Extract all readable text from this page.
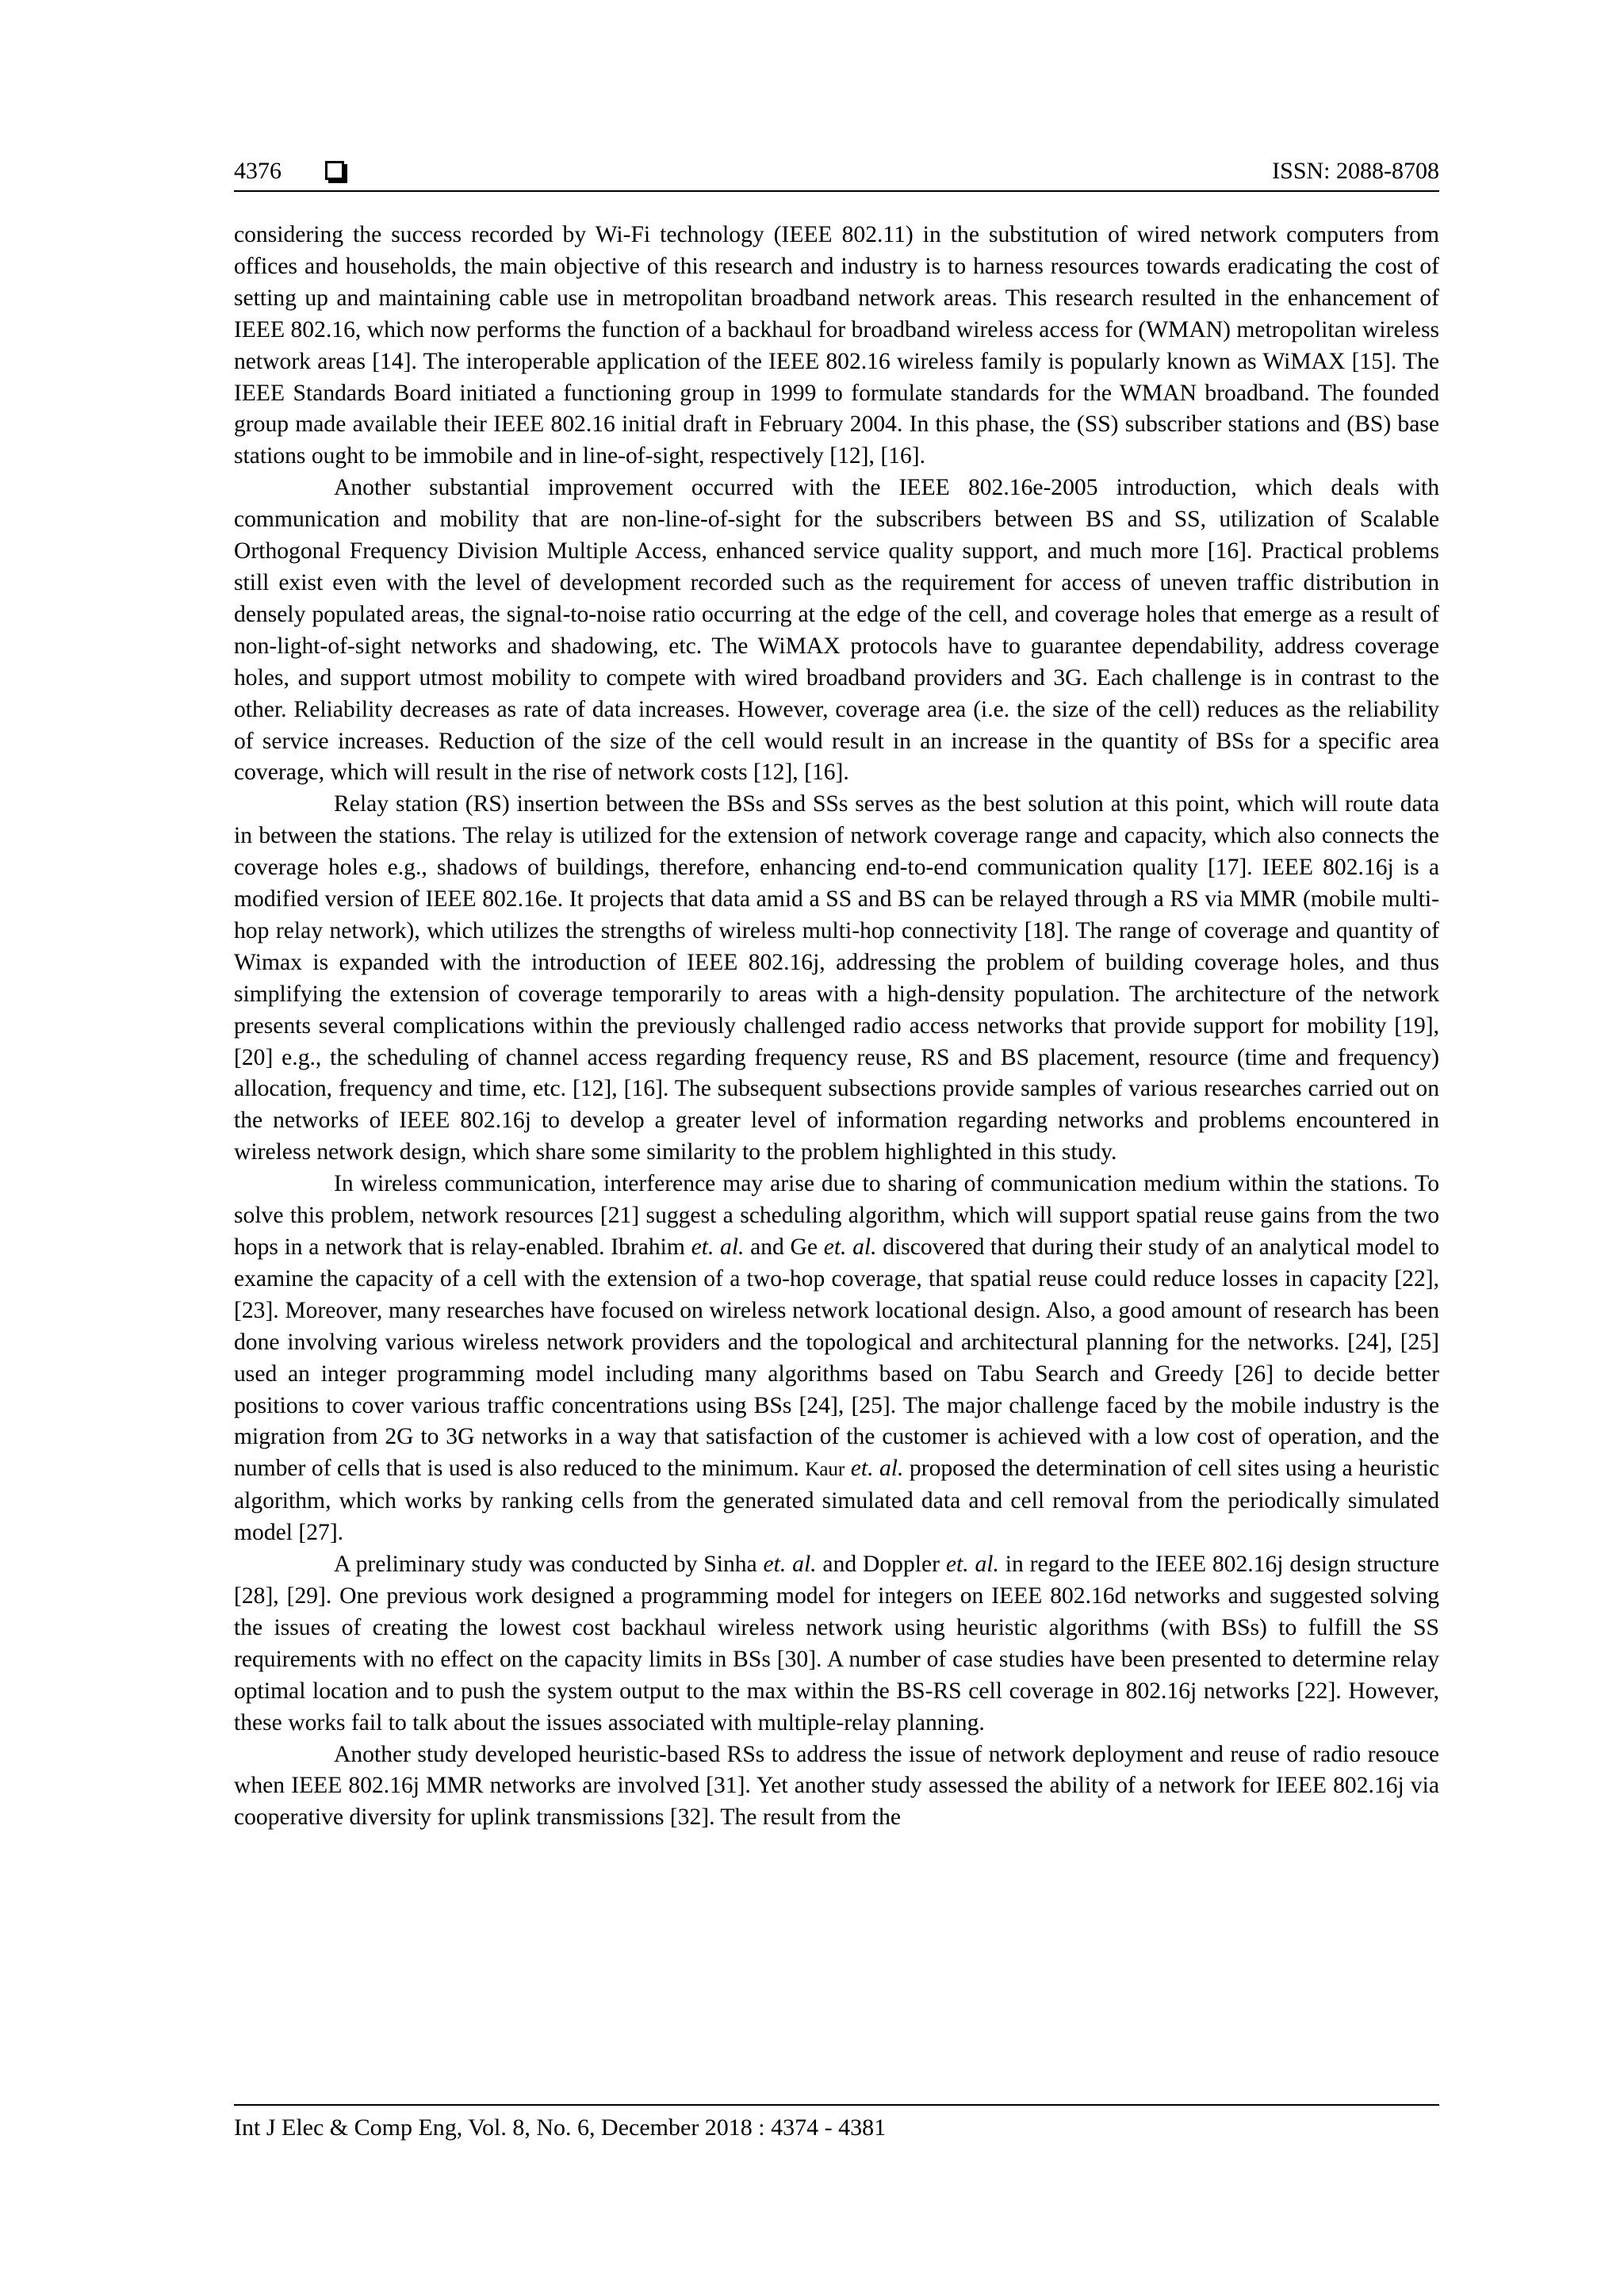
4376	ISSN: 2088-8708

considering the success recorded by Wi-Fi technology (IEEE 802.11) in the substitution of wired network computers from offices and households, the main objective of this research and industry is to harness resources towards eradicating the cost of setting up and maintaining cable use in metropolitan broadband network areas. This research resulted in the enhancement of IEEE 802.16, which now performs the function of a backhaul for broadband wireless access for (WMAN) metropolitan wireless network areas [14]. The interoperable application of the IEEE 802.16 wireless family is popularly known as WiMAX [15]. The IEEE Standards Board initiated a functioning group in 1999 to formulate standards for the WMAN broadband. The founded group made available their IEEE 802.16 initial draft in February 2004. In this phase, the (SS) subscriber stations and (BS) base stations ought to be immobile and in line-of-sight, respectively [12], [16].

Another substantial improvement occurred with the IEEE 802.16e-2005 introduction, which deals with communication and mobility that are non-line-of-sight for the subscribers between BS and SS, utilization of Scalable Orthogonal Frequency Division Multiple Access, enhanced service quality support, and much more [16]. Practical problems still exist even with the level of development recorded such as the requirement for access of uneven traffic distribution in densely populated areas, the signal-to-noise ratio occurring at the edge of the cell, and coverage holes that emerge as a result of non-light-of-sight networks and shadowing, etc. The WiMAX protocols have to guarantee dependability, address coverage holes, and support utmost mobility to compete with wired broadband providers and 3G. Each challenge is in contrast to the other. Reliability decreases as rate of data increases. However, coverage area (i.e. the size of the cell) reduces as the reliability of service increases. Reduction of the size of the cell would result in an increase in the quantity of BSs for a specific area coverage, which will result in the rise of network costs [12], [16].

Relay station (RS) insertion between the BSs and SSs serves as the best solution at this point, which will route data in between the stations. The relay is utilized for the extension of network coverage range and capacity, which also connects the coverage holes e.g., shadows of buildings, therefore, enhancing end-to-end communication quality [17]. IEEE 802.16j is a modified version of IEEE 802.16e. It projects that data amid a SS and BS can be relayed through a RS via MMR (mobile multi-hop relay network), which utilizes the strengths of wireless multi-hop connectivity [18]. The range of coverage and quantity of Wimax is expanded with the introduction of IEEE 802.16j, addressing the problem of building coverage holes, and thus simplifying the extension of coverage temporarily to areas with a high-density population. The architecture of the network presents several complications within the previously challenged radio access networks that provide support for mobility [19], [20] e.g., the scheduling of channel access regarding frequency reuse, RS and BS placement, resource (time and frequency) allocation, frequency and time, etc. [12], [16]. The subsequent subsections provide samples of various researches carried out on the networks of IEEE 802.16j to develop a greater level of information regarding networks and problems encountered in wireless network design, which share some similarity to the problem highlighted in this study.

In wireless communication, interference may arise due to sharing of communication medium within the stations. To solve this problem, network resources [21] suggest a scheduling algorithm, which will support spatial reuse gains from the two hops in a network that is relay-enabled. Ibrahim et. al. and Ge et. al. discovered that during their study of an analytical model to examine the capacity of a cell with the extension of a two-hop coverage, that spatial reuse could reduce losses in capacity [22], [23]. Moreover, many researches have focused on wireless network locational design. Also, a good amount of research has been done involving various wireless network providers and the topological and architectural planning for the networks. [24], [25] used an integer programming model including many algorithms based on Tabu Search and Greedy [26] to decide better positions to cover various traffic concentrations using BSs [24], [25]. The major challenge faced by the mobile industry is the migration from 2G to 3G networks in a way that satisfaction of the customer is achieved with a low cost of operation, and the number of cells that is used is also reduced to the minimum. Kaur et. al. proposed the determination of cell sites using a heuristic algorithm, which works by ranking cells from the generated simulated data and cell removal from the periodically simulated model [27].

A preliminary study was conducted by Sinha et. al. and Doppler et. al. in regard to the IEEE 802.16j design structure [28], [29]. One previous work designed a programming model for integers on IEEE 802.16d networks and suggested solving the issues of creating the lowest cost backhaul wireless network using heuristic algorithms (with BSs) to fulfill the SS requirements with no effect on the capacity limits in BSs [30]. A number of case studies have been presented to determine relay optimal location and to push the system output to the max within the BS-RS cell coverage in 802.16j networks [22]. However, these works fail to talk about the issues associated with multiple-relay planning.

Another study developed heuristic-based RSs to address the issue of network deployment and reuse of radio resouce when IEEE 802.16j MMR networks are involved [31]. Yet another study assessed the ability of a network for IEEE 802.16j via cooperative diversity for uplink transmissions [32]. The result from the

Int J Elec & Comp Eng, Vol. 8, No. 6, December 2018 : 4374 - 4381
